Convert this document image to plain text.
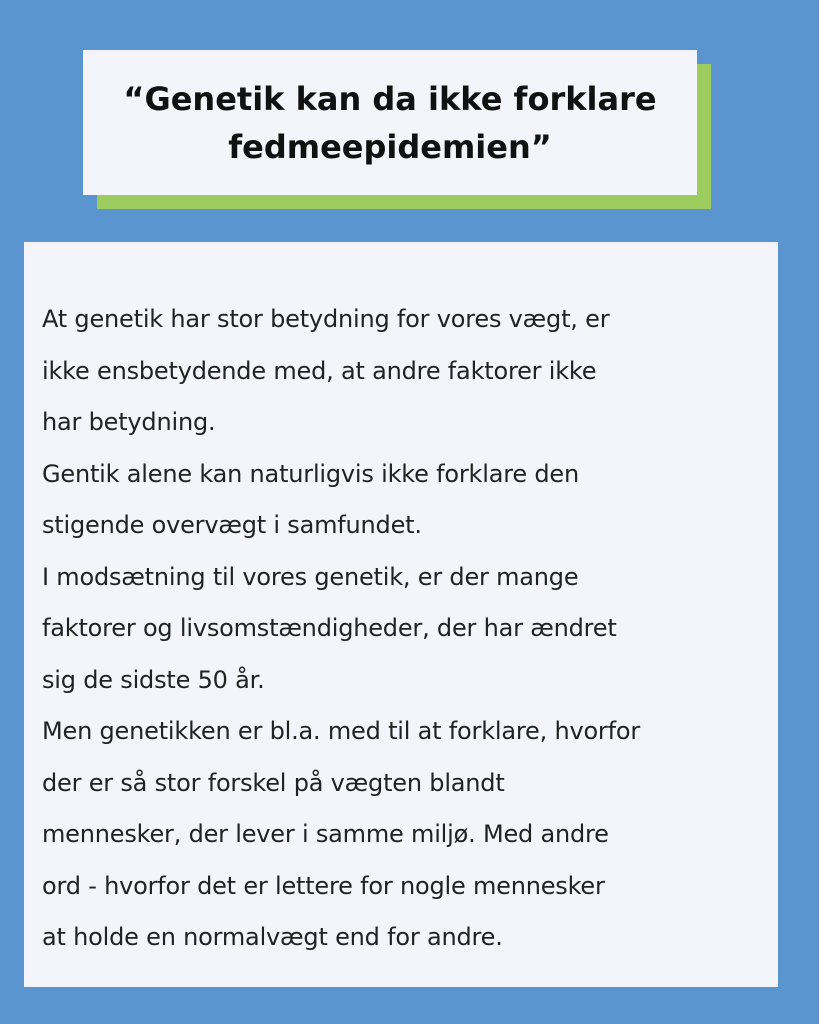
“Genetik kan da ikke forklare
fedmeepidemien”

At genetik har stor betydning for vores vægt, er

ikke ensbetydende med, at andre faktorer ikke

har betydning.

Gentik alene kan naturligvis ikke forklare den

stigende overvægt i samfundet.

I modsætning til vores genetik, er der mange

faktorer og livsomstændigheder, der har ændret

sig de sidste 50 år.

Men genetikken er bl.a. med til at forklare, hvorfor

der er så stor forskel på vægten blandt

mennesker, der lever i samme miljø. Med andre

ord - hvorfor det er lettere for nogle mennesker

at holde en normalvægt end for andre.
